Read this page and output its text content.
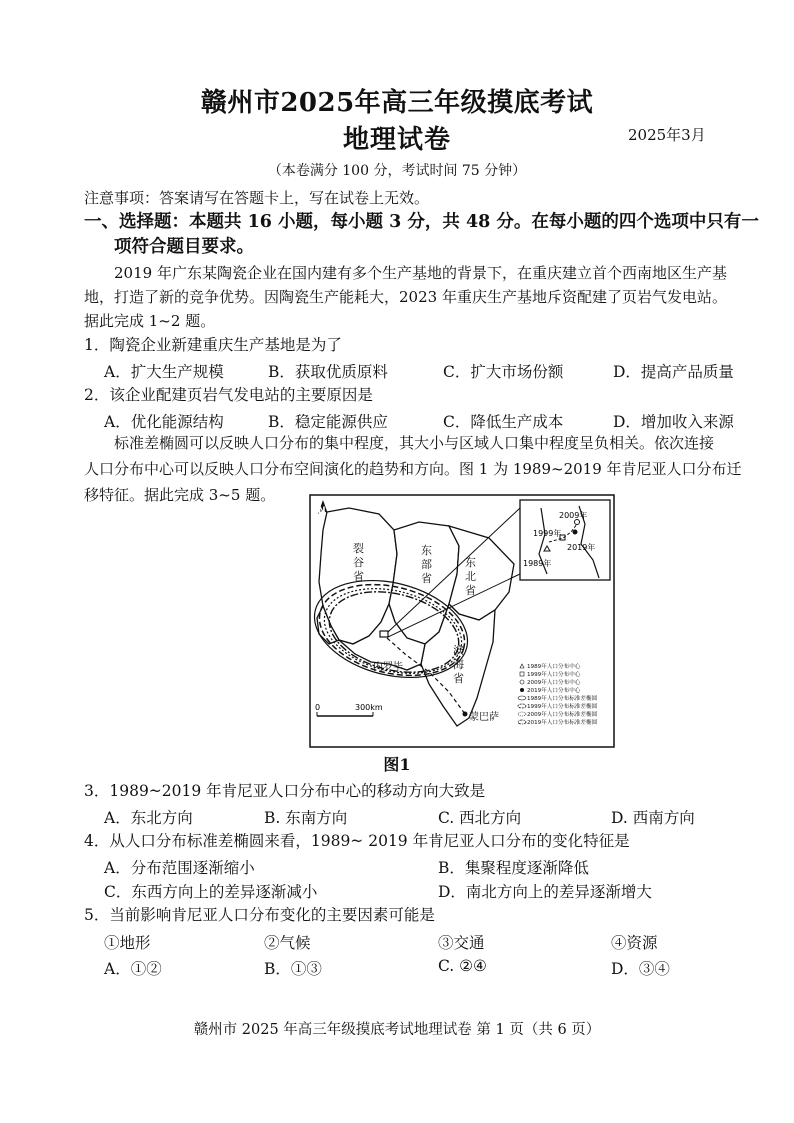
赣州市2025年高三年级摸底考试
地理试卷	2025年3月
（本卷满分 100 分，考试时间 75 分钟）
注意事项：答案请写在答题卡上，写在试卷上无效。
一、选择题：本题共 16 小题，每小题 3 分，共 48 分。在每小题的四个选项中只有一
项符合题目要求。
2019 年广东某陶瓷企业在国内建有多个生产基地的背景下，在重庆建立首个西南地区生产基
地，打造了新的竞争优势。因陶瓷生产能耗大，2023 年重庆生产基地斥资配建了页岩气发电站。
据此完成 1~2 题。
1．陶瓷企业新建重庆生产基地是为了
A．扩大生产规模	B．获取优质原料	C．扩大市场份额	D．提高产品质量
2．该企业配建页岩气发电站的主要原因是
A．优化能源结构	B．稳定能源供应	C．降低生产成本	D．增加收入来源
标准差椭圆可以反映人口分布的集中程度，其大小与区域人口集中程度呈负相关。依次连接
人口分布中心可以反映人口分布空间演化的趋势和方向。图 1 为 1989~2019 年肯尼亚人口分布迁
移特征。据此完成 3~5 题。
N
裂
谷
省
东
部
省
东
北
省
滨
海
省
内罗毕
蒙巴萨
0	300km
1989年
1999年
2009年
2019年
1989年人口分布中心
1999年人口分布中心
2009年人口分布中心
2019年人口分布中心
1989年人口分布标准差椭圆
1999年人口分布标准差椭圆
2009年人口分布标准差椭圆
2019年人口分布标准差椭圆
图1
3．1989~2019 年肯尼亚人口分布中心的移动方向大致是
A．东北方向	B. 东南方向	C. 西北方向	D. 西南方向
4．从人口分布标准差椭圆来看，1989~ 2019 年肯尼亚人口分布的变化特征是
A．分布范围逐渐缩小	B．集聚程度逐渐降低
C．东西方向上的差异逐渐减小	D．南北方向上的差异逐渐增大
5．当前影响肯尼亚人口分布变化的主要因素可能是
①地形	②气候	③交通	④资源
A．①②	B．①③	C. ②④	D．③④
赣州市 2025 年高三年级摸底考试地理试卷 第 1 页（共 6 页）
